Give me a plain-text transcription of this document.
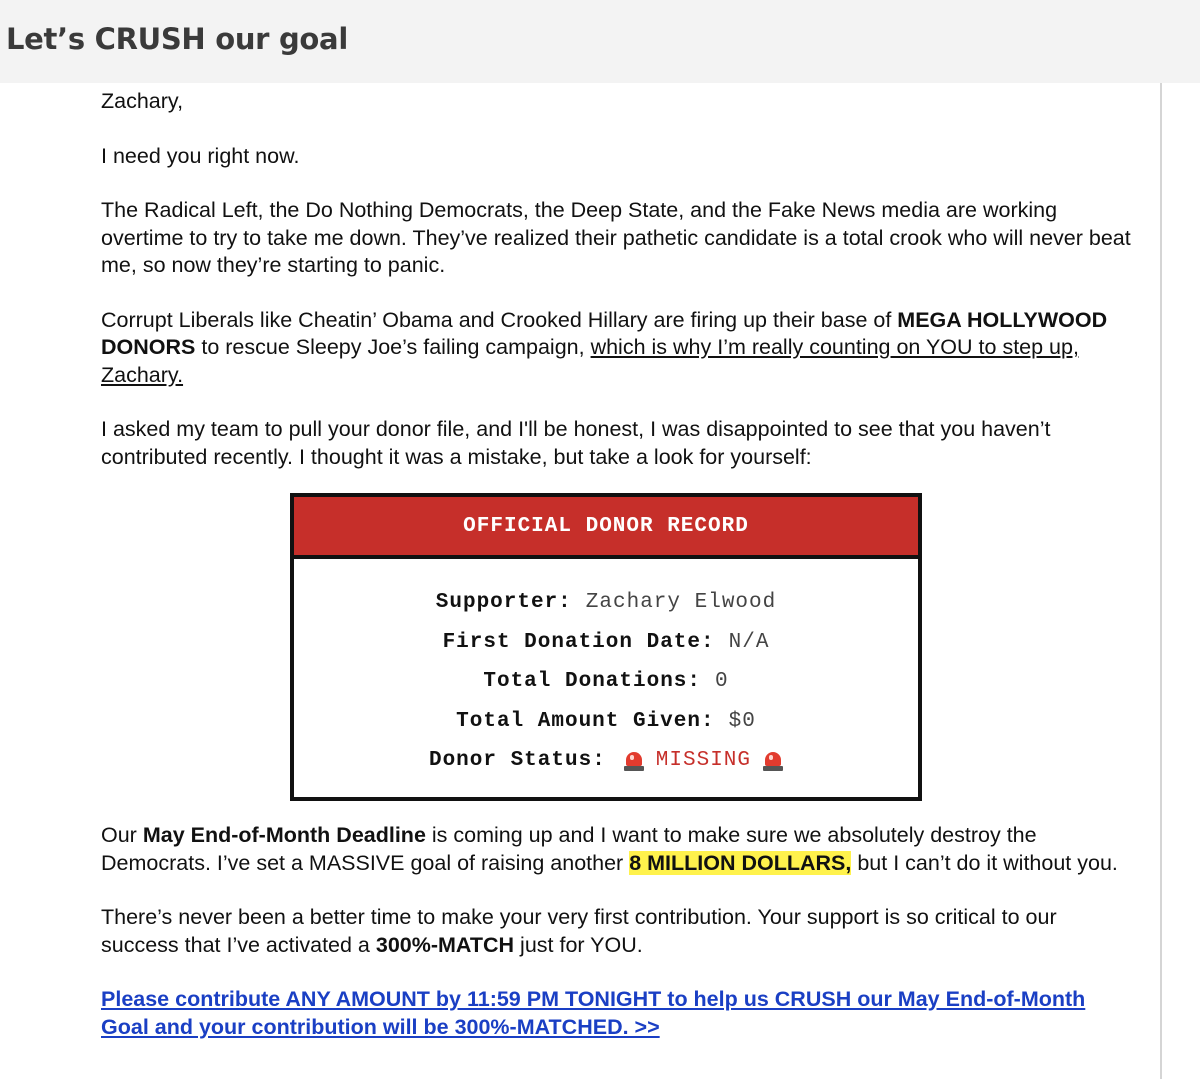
Let’s CRUSH our goal

Zachary,

I need you right now.

The Radical Left, the Do Nothing Democrats, the Deep State, and the Fake News media are working overtime to try to take me down. They’ve realized their pathetic candidate is a total crook who will never beat me, so now they’re starting to panic.

Corrupt Liberals like Cheatin’ Obama and Crooked Hillary are firing up their base of MEGA HOLLYWOOD DONORS to rescue Sleepy Joe’s failing campaign, which is why I’m really counting on YOU to step up, Zachary.

I asked my team to pull your donor file, and I'll be honest, I was disappointed to see that you haven’t contributed recently. I thought it was a mistake, but take a look for yourself:

OFFICIAL DONOR RECORD
Supporter: Zachary Elwood
First Donation Date: N/A
Total Donations: 0
Total Amount Given: $0
Donor Status: MISSING

Our May End-of-Month Deadline is coming up and I want to make sure we absolutely destroy the Democrats. I’ve set a MASSIVE goal of raising another 8 MILLION DOLLARS, but I can’t do it without you.

There’s never been a better time to make your very first contribution. Your support is so critical to our success that I’ve activated a 300%-MATCH just for YOU.

Please contribute ANY AMOUNT by 11:59 PM TONIGHT to help us CRUSH our May End-of-Month Goal and your contribution will be 300%-MATCHED. >>
